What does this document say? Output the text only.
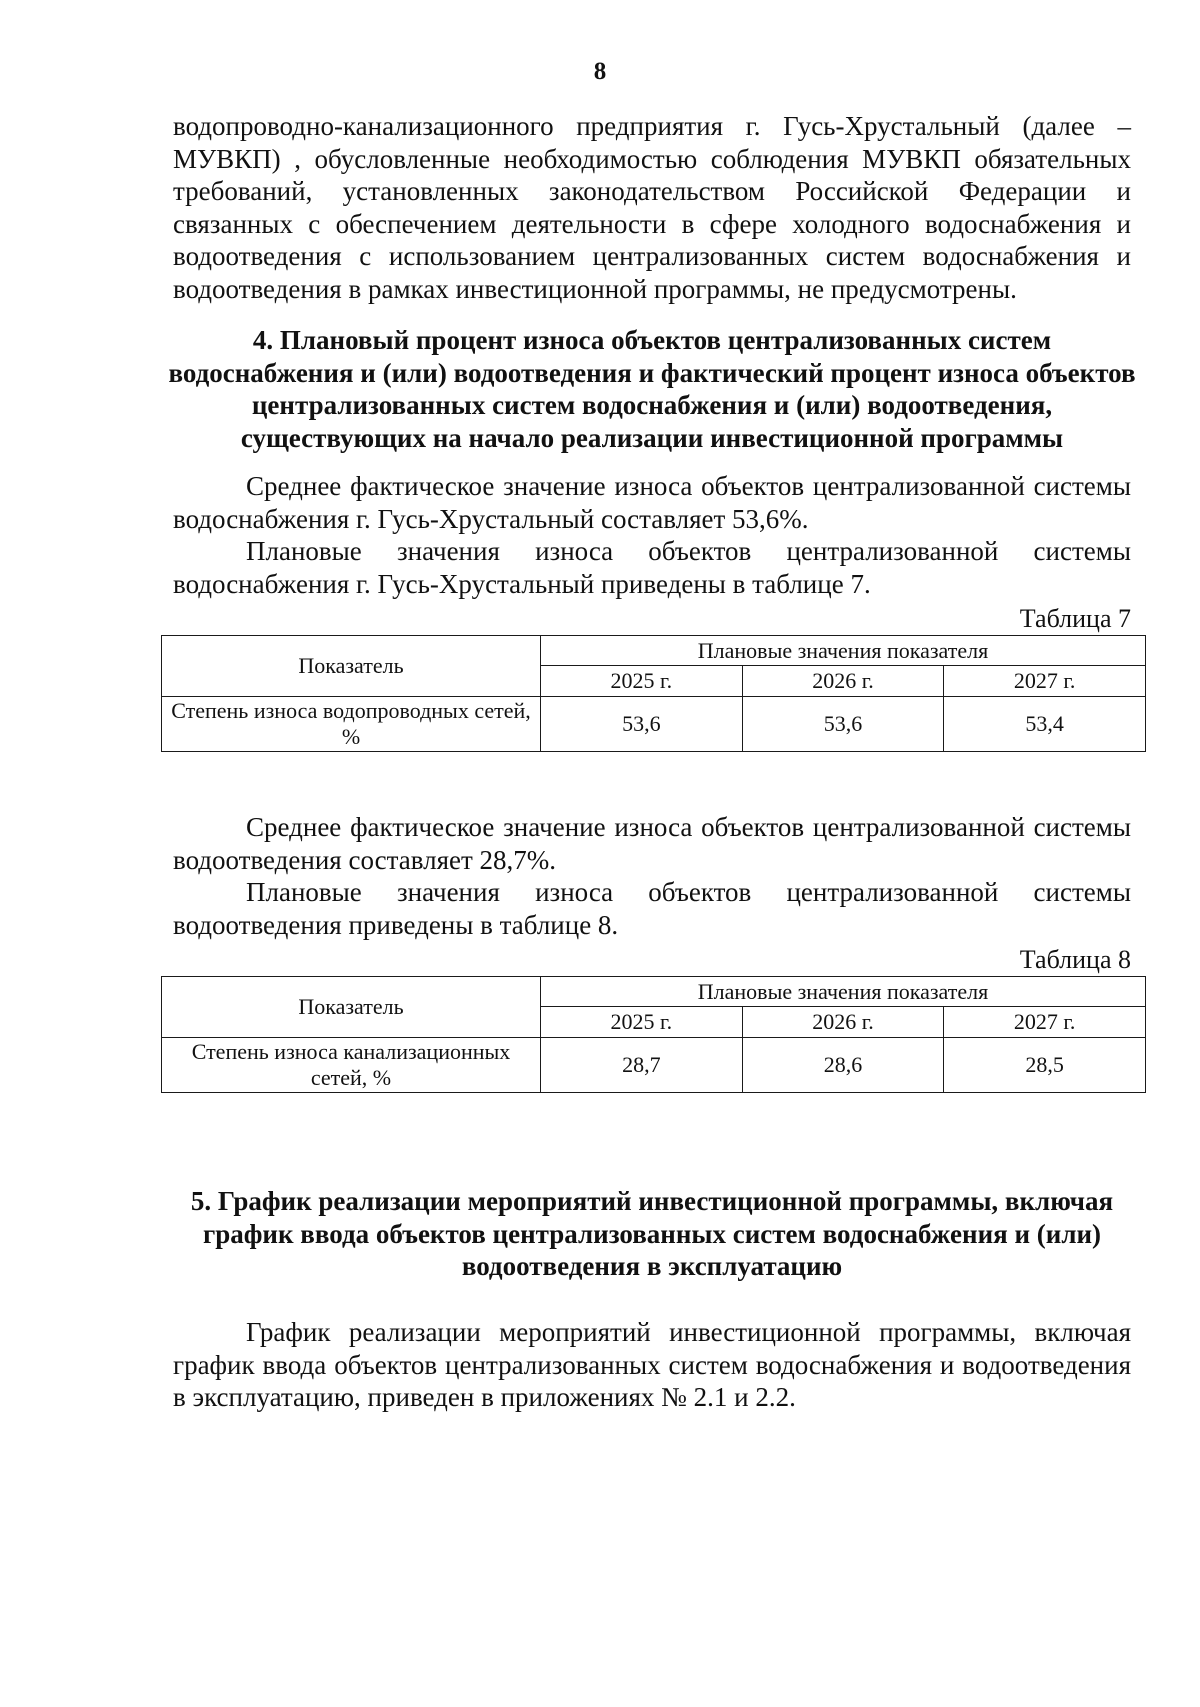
8
водопроводно-канализационного предприятия г. Гусь-Хрустальный (далее – МУВКП) , обусловленные необходимостью соблюдения МУВКП обязательных требований, установленных законодательством Российской Федерации и связанных с обеспечением деятельности в сфере холодного водоснабжения и водоотведения с использованием централизованных систем водоснабжения и водоотведения в рамках инвестиционной программы, не предусмотрены.
4. Плановый процент износа объектов централизованных систем водоснабжения и (или) водоотведения и фактический процент износа объектов централизованных систем водоснабжения и (или) водоотведения, существующих на начало реализации инвестиционной программы
Среднее фактическое значение износа объектов централизованной системы водоснабжения г. Гусь-Хрустальный составляет 53,6%.
Плановые значения износа объектов централизованной системы водоснабжения г. Гусь-Хрустальный приведены в таблице 7.
Таблица 7
Показатель	Плановые значения показателя		
	2025 г.	2026 г.	2027 г.
Степень износа водопроводных сетей, %	53,6	53,6	53,4
Среднее фактическое значение износа объектов централизованной системы водоотведения составляет 28,7%.
Плановые значения износа объектов централизованной системы водоотведения приведены в таблице 8.
Таблица 8
Показатель	Плановые значения показателя		
	2025 г.	2026 г.	2027 г.
Степень износа канализационных сетей, %	28,7	28,6	28,5
5. График реализации мероприятий инвестиционной программы, включая график ввода объектов централизованных систем водоснабжения и (или) водоотведения в эксплуатацию
График реализации мероприятий инвестиционной программы, включая график ввода объектов централизованных систем водоснабжения и водоотведения в эксплуатацию, приведен в приложениях № 2.1 и 2.2.
